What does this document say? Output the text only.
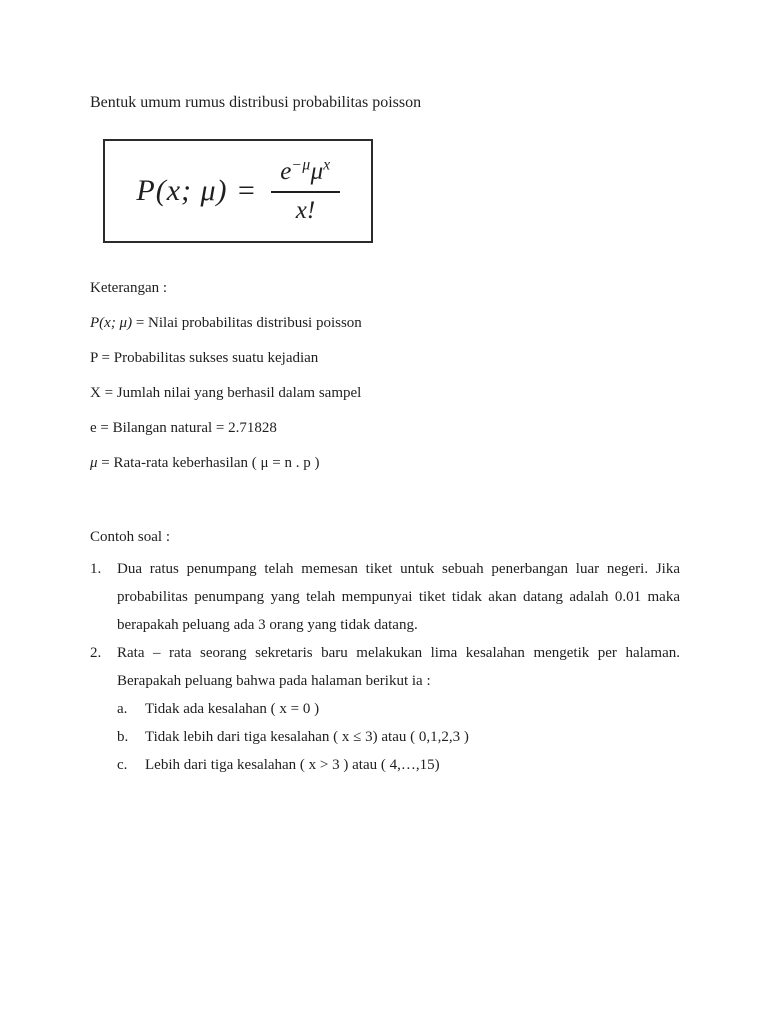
Bentuk umum rumus distribusi probabilitas poisson
P(x; $\mu) = \frac{e^{-\mu}\mu^x}{x!}$

Keterangan :

P(x; μ) = Nilai probabilitas distribusi poisson

P = Probabilitas sukses suatu kejadian

X = Jumlah nilai yang berhasil dalam sampel

e = Bilangan natural = 2.71828

μ = Rata-rata keberhasilan ( μ = n . p )

Contoh soal :
1.	Dua ratus penumpang telah memesan tiket untuk sebuah penerbangan luar negeri. Jika
probabilitas penumpang yang telah mempunyai tiket tidak akan datang adalah 0.01 maka
berapakah peluang ada 3 orang yang tidak datang.
2.	Rata – rata seorang sekretaris baru melakukan lima kesalahan mengetik per halaman.
Berapakah peluang bahwa pada halaman berikut ia :
a.	Tidak ada kesalahan ( x = 0 )
b.	Tidak lebih dari tiga kesalahan ( x ≤ 3) atau ( 0,1,2,3 )
c.	Lebih dari tiga kesalahan ( x > 3 ) atau ( 4,…,15)
